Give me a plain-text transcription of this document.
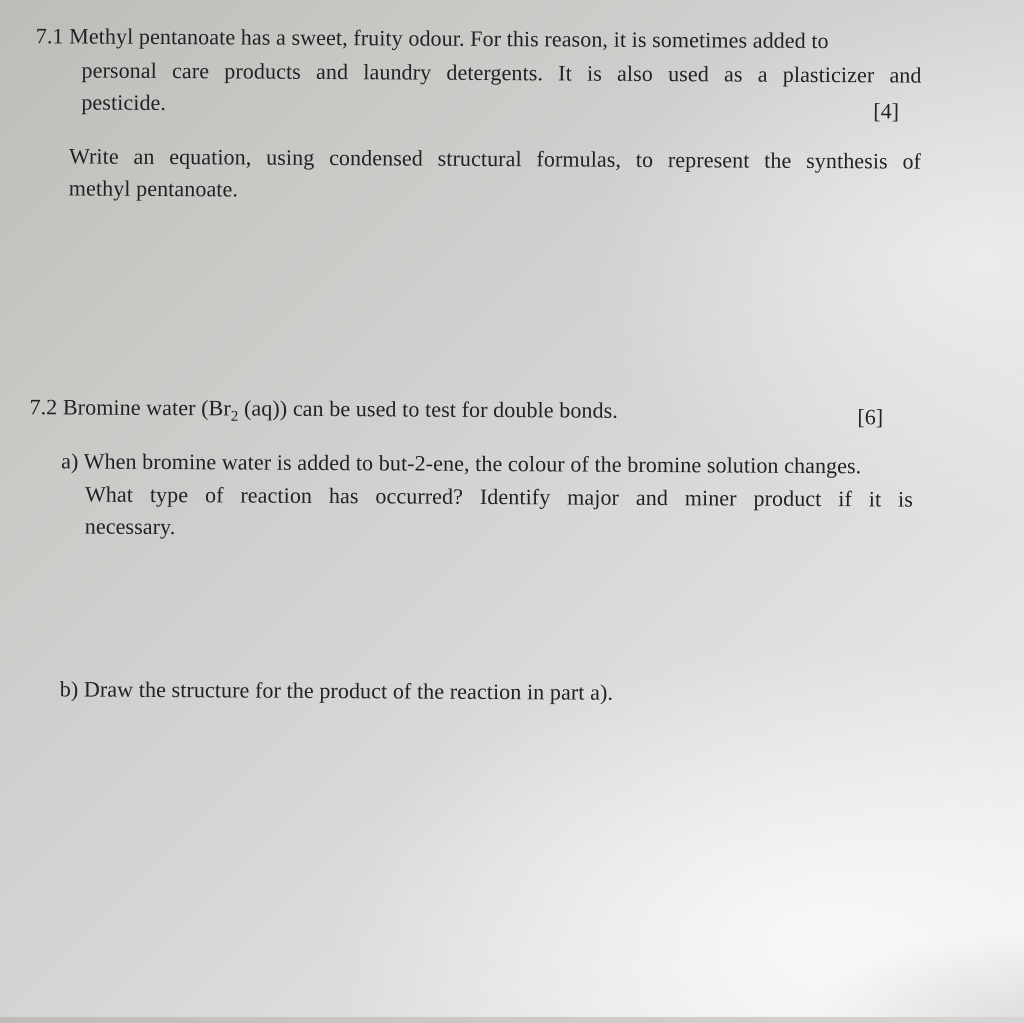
7.1 Methyl pentanoate has a sweet, fruity odour. For this reason, it is sometimes added to
personal care products and laundry detergents. It is also used as a plasticizer and
pesticide.	[4]
Write an equation, using condensed structural formulas, to represent the synthesis of
methyl pentanoate.
7.2 Bromine water ($Br_2$ (aq)) can be used to test for double bonds.	[6]
a) When bromine water is added to but-2-ene, the colour of the bromine solution changes.
What type of reaction has occurred? Identify major and miner product if it is
necessary.
b) Draw the structure for the product of the reaction in part a).
